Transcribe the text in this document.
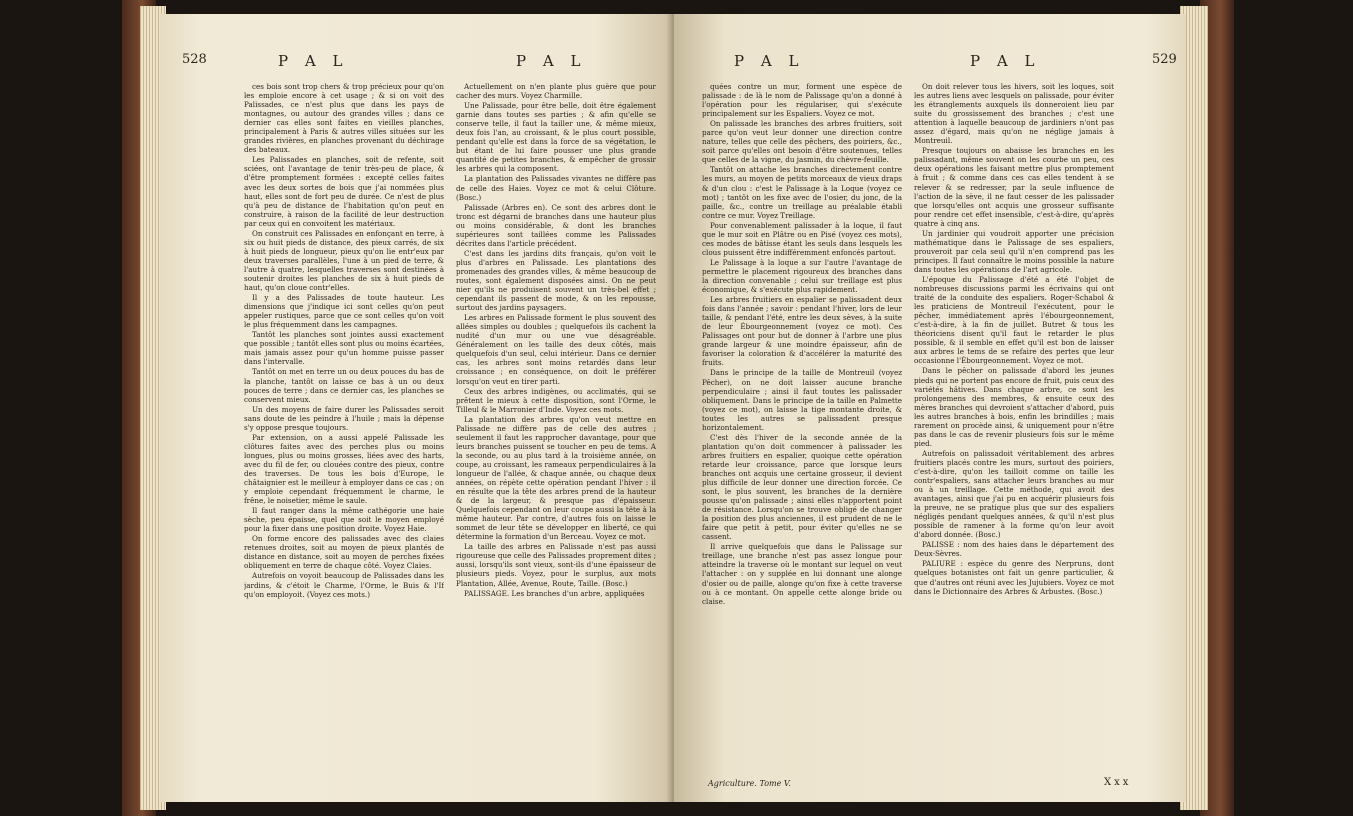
528	P A L	P A L

ces bois sont trop chers & trop précieux pour qu'on les emploie encore à cet usage ; & si on voit des Palissades, ce n'est plus que dans les pays de montagnes, ou autour des grandes villes ; dans ce dernier cas elles sont faites en vieilles planches, principalement à Paris & autres villes situées sur les grandes rivières, en planches provenant du déchirage des bateaux.

Les Palissades en planches, soit de refente, soit sciées, ont l'avantage de tenir très-peu de place, & d'être promptement formées : excepté celles faites avec les deux sortes de bois que j'ai nommées plus haut, elles sont de fort peu de durée. Ce n'est de plus qu'à peu de distance de l'habitation qu'on peut en construire, à raison de la facilité de leur destruction par ceux qui en convoitent les matériaux.

On construit ces Palissades en enfonçant en terre, à six ou huit pieds de distance, des pieux carrés, de six à huit pieds de longueur, pieux qu'on lie entr'eux par deux traverses parallèles, l'une à un pied de terre, & l'autre à quatre, lesquelles traverses sont destinées à soutenir droites les planches de six à huit pieds de haut, qu'on cloue contr'elles.

Il y a des Palissades de toute hauteur. Les dimensions que j'indique ici sont celles qu'on peut appeler rustiques, parce que ce sont celles qu'on voit le plus fréquemment dans les campagnes.

Tantôt les planches sont jointes aussi exactement que possible ; tantôt elles sont plus ou moins écartées, mais jamais assez pour qu'un homme puisse passer dans l'intervalle.

Tantôt on met en terre un ou deux pouces du bas de la planche, tantôt on laisse ce bas à un ou deux pouces de terre ; dans ce dernier cas, les planches se conservent mieux.

Un des moyens de faire durer les Palissades seroit sans doute de les peindre à l'huile ; mais la dépense s'y oppose presque toujours.

Par extension, on a aussi appelé Palissade les clôtures faites avec des perches plus ou moins longues, plus ou moins grosses, liées avec des harts, avec du fil de fer, ou clouées contre des pieux, contre des traverses. De tous les bois d'Europe, le châtaignier est le meilleur à employer dans ce cas ; on y emploie cependant fréquemment le charme, le frêne, le noisetier, même le saule.

Il faut ranger dans la même cathégorie une haie sèche, peu épaisse, quel que soit le moyen employé pour la fixer dans une position droite. Voyez Haie.

On forme encore des palissades avec des claies retenues droites, soit au moyen de pieux plantés de distance en distance, soit au moyen de perches fixées obliquement en terre de chaque côté. Voyez Claies.

Autrefois on voyoit beaucoup de Palissades dans les jardins, & c'étoit le Charme, l'Orme, le Buis & l'If qu'on employoit. (Voyez ces mots.)

Actuellement on n'en plante plus guère que pour cacher des murs. Voyez Charmille.

Une Palissade, pour être belle, doit être également garnie dans toutes ses parties ; & afin qu'elle se conserve telle, il faut la tailler une, & même mieux, deux fois l'an, au croissant, & le plus court possible, pendant qu'elle est dans la force de sa végétation, le but étant de lui faire pousser une plus grande quantité de petites branches, & empêcher de grossir les arbres qui la composent.

La plantation des Palissades vivantes ne diffère pas de celle des Haies. Voyez ce mot & celui Clôture. (Bosc.)

Palissade (Arbres en). Ce sont des arbres dont le tronc est dégarni de branches dans une hauteur plus ou moins considérable, & dont les branches supérieures sont taillées comme les Palissades décrites dans l'article précédent.

C'est dans les jardins dits français, qu'on voit le plus d'arbres en Palissade. Les plantations des promenades des grandes villes, & même beaucoup de routes, sont également disposées ainsi. On ne peut nier qu'ils ne produisent souvent un très-bel effet ; cependant ils passent de mode, & on les repousse, surtout des jardins paysagers.

Les arbres en Palissade forment le plus souvent des allées simples ou doubles ; quelquefois ils cachent la nudité d'un mur ou une vue désagréable. Généralement on les taille des deux côtés, mais quelquefois d'un seul, celui intérieur. Dans ce dernier cas, les arbres sont moins retardés dans leur croissance ; en conséquence, on doit le préférer lorsqu'on veut en tirer parti.

Ceux des arbres indigènes, ou acclimatés, qui se prêtent le mieux à cette disposition, sont l'Orme, le Tilleul & le Marronier d'Inde. Voyez ces mots.

La plantation des arbres qu'on veut mettre en Palissade ne diffère pas de celle des autres ; seulement il faut les rapprocher davantage, pour que leurs branches puissent se toucher en peu de tems. A la seconde, ou au plus tard à la troisième année, on coupe, au croissant, les rameaux perpendiculaires à la longueur de l'allée, & chaque année, ou chaque deux années, on répète cette opération pendant l'hiver : il en résulte que la tête des arbres prend de la hauteur & de la largeur, & presque pas d'épaisseur. Quelquefois cependant on leur coupe aussi la tête à la même hauteur. Par contre, d'autres fois on laisse le sommet de leur tête se développer en liberté, ce qui détermine la formation d'un Berceau. Voyez ce mot.

La taille des arbres en Palissade n'est pas aussi rigoureuse que celle des Palissades proprement dites ; aussi, lorsqu'ils sont vieux, sont-ils d'une épaisseur de plusieurs pieds. Voyez, pour le surplus, aux mots Plantation, Allée, Avenue, Route, Taille. (Bosc.)

PALISSAGE. Les branches d'un arbre, appliquées

P A L	P A L	529

quées contre un mur, forment une espèce de palissade : de là le nom de Palissage qu'on a donné à l'opération pour les régulariser, qui s'exécute principalement sur les Espaliers. Voyez ce mot.

On palissade les branches des arbres fruitiers, soit parce qu'on veut leur donner une direction contre nature, telles que celle des pêchers, des poiriers, &c., soit parce qu'elles ont besoin d'être soutenues, telles que celles de la vigne, du jasmin, du chèvre-feuille.

Tantôt on attache les branches directement contre les murs, au moyen de petits morceaux de vieux draps & d'un clou : c'est le Palissage à la Loque (voyez ce mot) ; tantôt on les fixe avec de l'osier, du jonc, de la paille, &c., contre un treillage au préalable établi contre ce mur. Voyez Treillage.

Pour convenablement palissader à la loque, il faut que le mur soit en Plâtre ou en Pisé (voyez ces mots), ces modes de bâtisse étant les seuls dans lesquels les clous puissent être indifféremment enfoncés partout.

Le Palissage à la loque a sur l'autre l'avantage de permettre le placement rigoureux des branches dans la direction convenable ; celui sur treillage est plus économique, & s'exécute plus rapidement.

Les arbres fruitiers en espalier se palissadent deux fois dans l'année ; savoir : pendant l'hiver, lors de leur taille, & pendant l'été, entre les deux sèves, à la suite de leur Ébourgeonnement (voyez ce mot). Ces Palissages ont pour but de donner à l'arbre une plus grande largeur & une moindre épaisseur, afin de favoriser la coloration & d'accélérer la maturité des fruits.

Dans le principe de la taille de Montreuil (voyez Pêcher), on ne doit laisser aucune branche perpendiculaire ; ainsi il faut toutes les palissader obliquement. Dans le principe de la taille en Palmette (voyez ce mot), on laisse la tige montante droite, & toutes les autres se palissadent presque horizontalement.

C'est dès l'hiver de la seconde année de la plantation qu'on doit commencer à palissader les arbres fruitiers en espalier, quoique cette opération retarde leur croissance, parce que lorsque leurs branches ont acquis une certaine grosseur, il devient plus difficile de leur donner une direction forcée. Ce sont, le plus souvent, les branches de la dernière pousse qu'on palissade ; ainsi elles n'apportent point de résistance. Lorsqu'on se trouve obligé de changer la position des plus anciennes, il est prudent de ne le faire que petit à petit, pour éviter qu'elles ne se cassent.

Il arrive quelquefois que dans le Palissage sur treillage, une branche n'est pas assez longue pour atteindre la traverse où le montant sur lequel on veut l'attacher : on y supplée en lui donnant une alonge d'osier ou de paille, alonge qu'on fixe à cette traverse ou à ce montant. On appelle cette alonge bride ou claise.

On doit relever tous les hivers, soit les loques, soit les autres liens avec lesquels on palissade, pour éviter les étranglements auxquels ils donneroient lieu par suite du grossissement des branches ; c'est une attention à laquelle beaucoup de jardiniers n'ont pas assez d'égard, mais qu'on ne néglige jamais à Montreuil.

Presque toujours on abaisse les branches en les palissadant, même souvent on les courbe un peu, ces deux opérations les faisant mettre plus promptement à fruit ; & comme dans ces cas elles tendent à se relever & se redresser, par la seule influence de l'action de la sève, il ne faut cesser de les palissader que lorsqu'elles ont acquis une grosseur suffisante pour rendre cet effet insensible, c'est-à-dire, qu'après quatre à cinq ans.

Un jardinier qui voudroit apporter une précision mathématique dans le Palissage de ses espaliers, prouveroit par cela seul qu'il n'en comprend pas les principes. Il faut connaître le moins possible la nature dans toutes les opérations de l'art agricole.

L'époque du Palissage d'été a été l'objet de nombreuses discussions parmi les écrivains qui ont traité de la conduite des espaliers. Roger-Schabol & les praticiens de Montreuil l'exécutent, pour le pêcher, immédiatement après l'ébourgeonnement, c'est-à-dire, à la fin de juillet. Butret & tous les théoriciens disent qu'il faut le retarder le plus possible, & il semble en effet qu'il est bon de laisser aux arbres le tems de se refaire des pertes que leur occasionne l'Ébourgeonnement. Voyez ce mot.

Dans le pêcher on palissade d'abord les jeunes pieds qui ne portent pas encore de fruit, puis ceux des variétés hâtives. Dans chaque arbre, ce sont les prolongemens des membres, & ensuite ceux des mères branches qui devroient s'attacher d'abord, puis les autres branches à bois, enfin les brindilles ; mais rarement on procède ainsi, & uniquement pour n'être pas dans le cas de revenir plusieurs fois sur le même pied.

Autrefois on palissadoit véritablement des arbres fruitiers placés contre les murs, surtout des poiriers, c'est-à-dire, qu'on les tailloit comme on taille les contr'espaliers, sans attacher leurs branches au mur ou à un treillage. Cette méthode, qui avoit des avantages, ainsi que j'ai pu en acquérir plusieurs fois la preuve, ne se pratique plus que sur des espaliers négligés pendant quelques années, & qu'il n'est plus possible de ramener à la forme qu'on leur avoit d'abord donnée. (Bosc.)

PALISSE : nom des haies dans le département des Deux-Sèvres.

PALIURE : espèce du genre des Nerpruns, dont quelques botanistes ont fait un genre particulier, & que d'autres ont réuni avec les Jujubiers. Voyez ce mot dans le Dictionnaire des Arbres & Arbustes. (Bosc.)

Agriculture. Tome V.	Xxx
